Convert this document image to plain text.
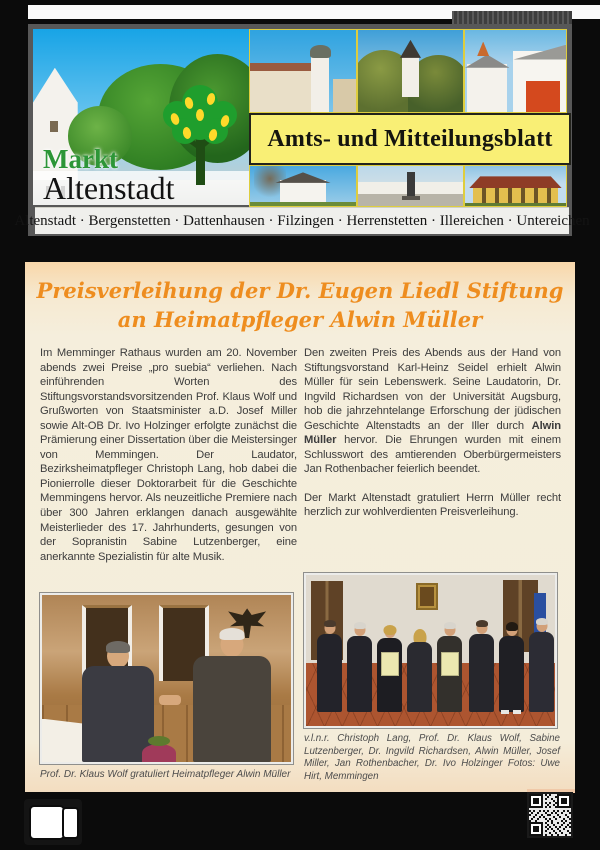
Markt
Altenstadt
Amts- und Mitteilungsblatt
Altenstadt · Bergenstetten · Dattenhausen · Filzingen · Herrenstetten · Illereichen · Untereichen
Preisverleihung der Dr. Eugen Liedl Stiftung
an Heimatpfleger Alwin Müller
Im Memminger Rathaus wurden am 20. November abends zwei Preise „pro suebia“ verliehen. Nach einführenden Worten des Stiftungsvorstandsvorsitzenden Prof. Klaus Wolf und Grußworten von Staatsminister a.D. Josef Miller sowie Alt-OB Dr. Ivo Holzinger erfolgte zunächst die Prämierung einer Dissertation über die Meistersinger von Memmingen. Der Laudator, Bezirksheimatpfleger Christoph Lang, hob dabei die Pionierrolle dieser Doktorarbeit für die Geschichte Memmingens hervor. Als neuzeitliche Premiere nach über 300 Jahren erklangen danach ausgewählte Meisterlieder des 17. Jahrhunderts, gesungen von der Sopranistin Sabine Lutzenberger, eine anerkannte Spezialistin für alte Musik.

Den zweiten Preis des Abends aus der Hand von Stiftungsvorstand Karl-Heinz Seidel erhielt Alwin Müller für sein Lebenswerk. Seine Laudatorin, Dr. Ingvild Richardsen von der Universität Augsburg, hob die jahrzehntelange Erforschung der jüdischen Geschichte Altenstadts an der Iller durch Alwin Müller hervor. Die Ehrungen wurden mit einem Schlusswort des amtierenden Oberbürgermeisters Jan Rothenbacher feierlich beendet.

Der Markt Altenstadt gratuliert Herrn Müller recht herzlich zur wohlverdienten Preisverleihung.

Prof. Dr. Klaus Wolf gratuliert Heimatpfleger Alwin Müller
v.l.n.r. Christoph Lang, Prof. Dr. Klaus Wolf, Sabine Lutzenberger, Dr. Ingvild Richardsen, Alwin Müller, Josef Miller, Jan Rothenbacher, Dr. Ivo Holzinger Fotos: Uwe Hirt, Memmingen
